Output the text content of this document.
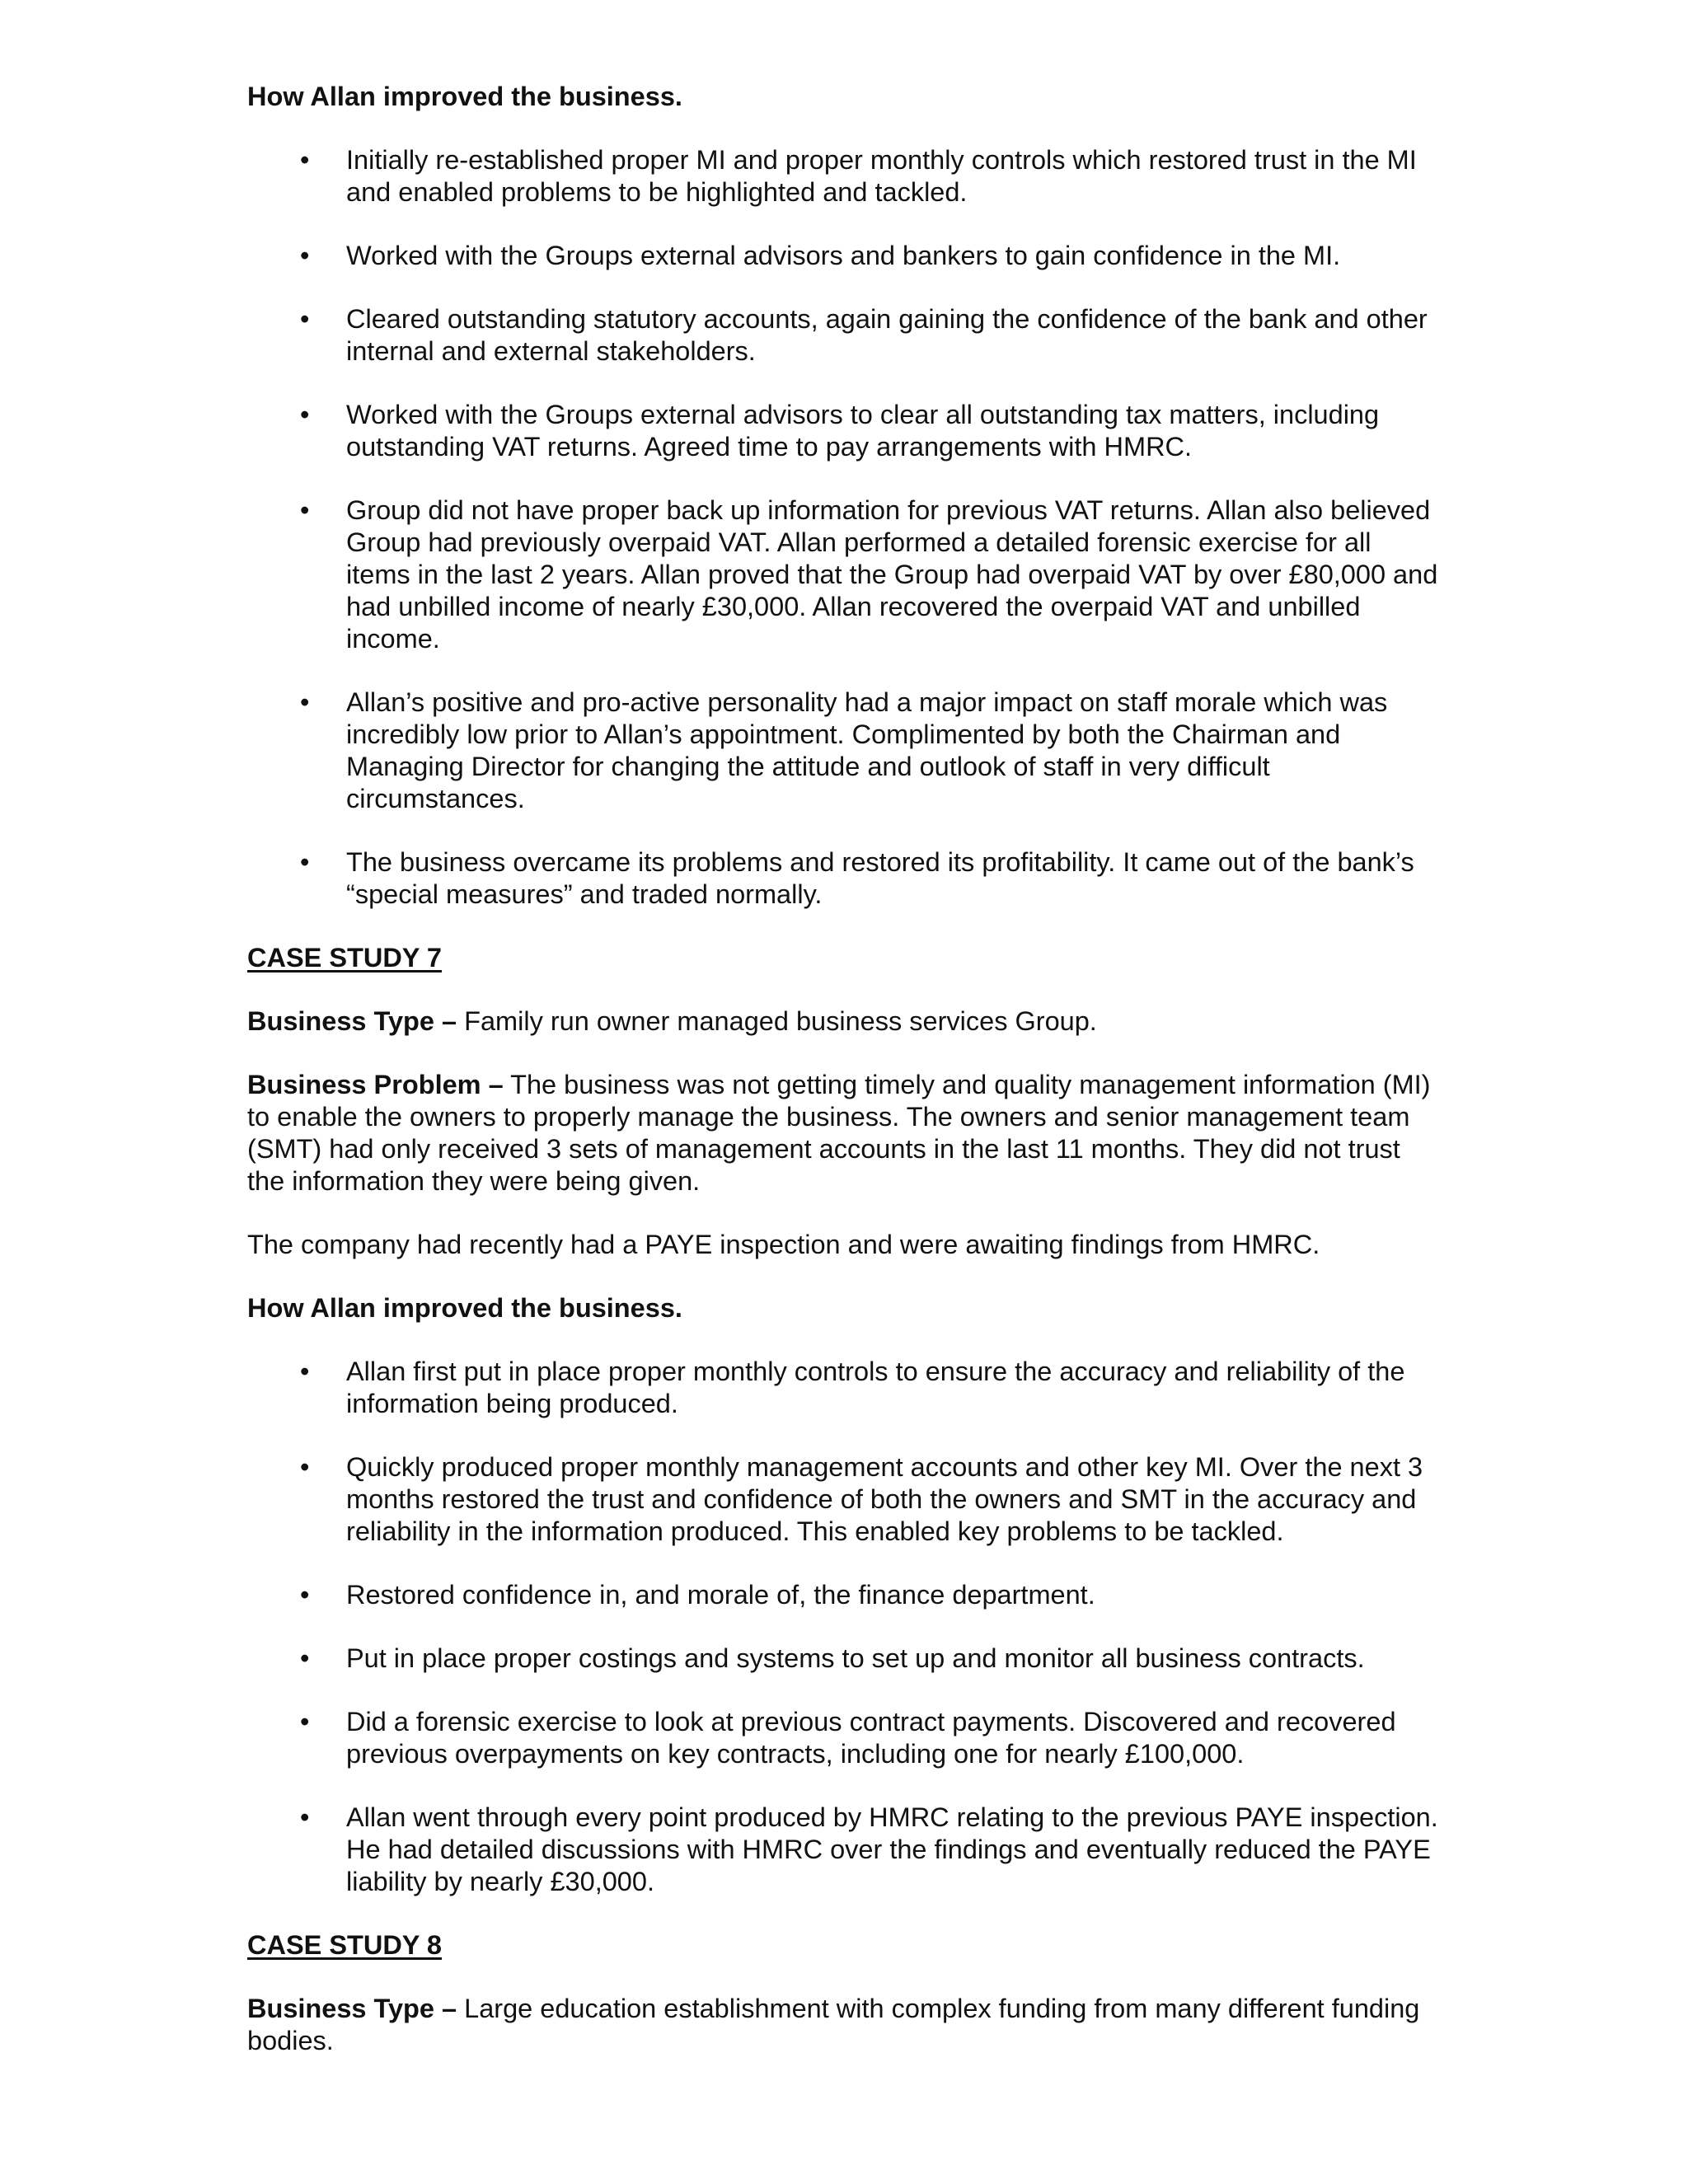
How Allan improved the business.

• Initially re-established proper MI and proper monthly controls which restored trust in the MI and enabled problems to be highlighted and tackled.
• Worked with the Groups external advisors and bankers to gain confidence in the MI.
• Cleared outstanding statutory accounts, again gaining the confidence of the bank and other internal and external stakeholders.
• Worked with the Groups external advisors to clear all outstanding tax matters, including outstanding VAT returns. Agreed time to pay arrangements with HMRC.
• Group did not have proper back up information for previous VAT returns. Allan also believed Group had previously overpaid VAT. Allan performed a detailed forensic exercise for all items in the last 2 years. Allan proved that the Group had overpaid VAT by over £80,000 and had unbilled income of nearly £30,000. Allan recovered the overpaid VAT and unbilled income.
• Allan’s positive and pro-active personality had a major impact on staff morale which was incredibly low prior to Allan’s appointment. Complimented by both the Chairman and Managing Director for changing the attitude and outlook of staff in very difficult circumstances.
• The business overcame its problems and restored its profitability. It came out of the bank’s “special measures” and traded normally.

CASE STUDY 7

Business Type – Family run owner managed business services Group.

Business Problem – The business was not getting timely and quality management information (MI) to enable the owners to properly manage the business. The owners and senior management team (SMT) had only received 3 sets of management accounts in the last 11 months. They did not trust the information they were being given.

The company had recently had a PAYE inspection and were awaiting findings from HMRC.

How Allan improved the business.

• Allan first put in place proper monthly controls to ensure the accuracy and reliability of the information being produced.
• Quickly produced proper monthly management accounts and other key MI. Over the next 3 months restored the trust and confidence of both the owners and SMT in the accuracy and reliability in the information produced. This enabled key problems to be tackled.
• Restored confidence in, and morale of, the finance department.
• Put in place proper costings and systems to set up and monitor all business contracts.
• Did a forensic exercise to look at previous contract payments. Discovered and recovered previous overpayments on key contracts, including one for nearly £100,000.
• Allan went through every point produced by HMRC relating to the previous PAYE inspection. He had detailed discussions with HMRC over the findings and eventually reduced the PAYE liability by nearly £30,000.

CASE STUDY 8

Business Type – Large education establishment with complex funding from many different funding bodies.
